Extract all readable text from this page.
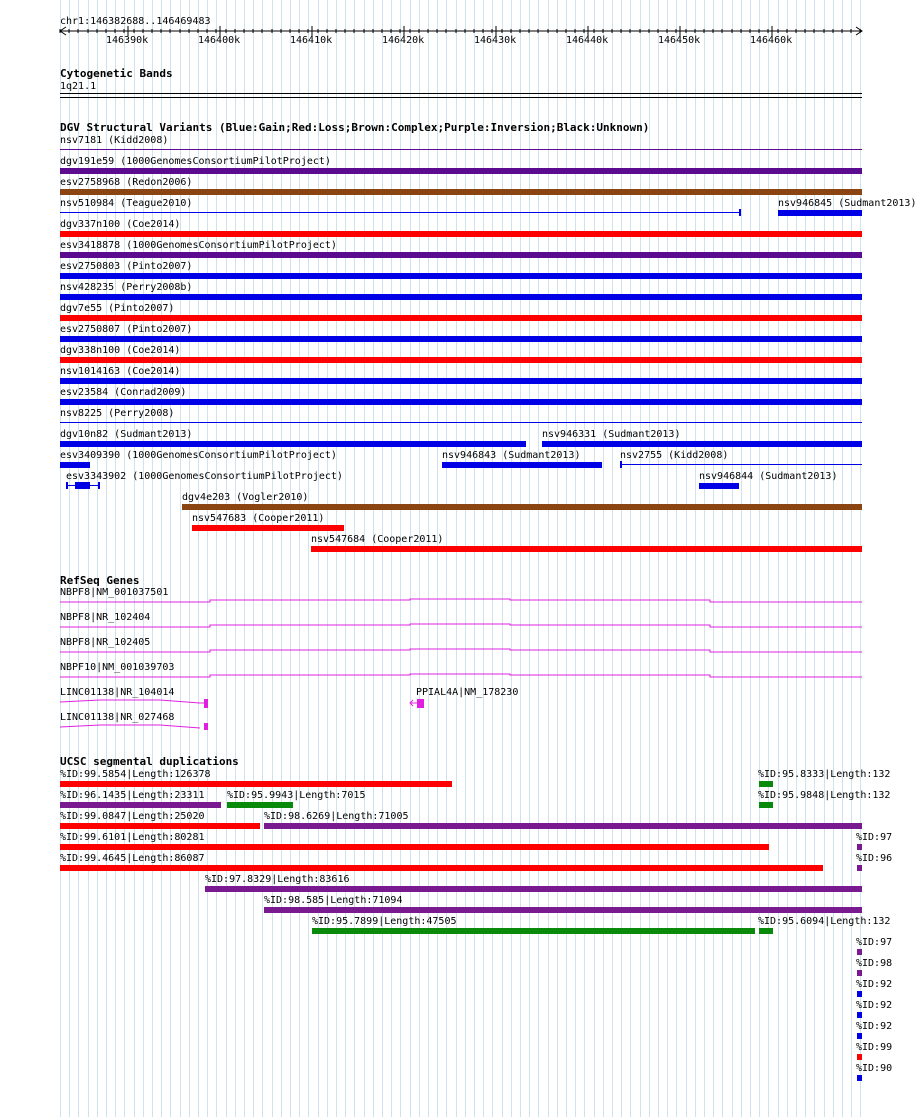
chr1:146382688..146469483
146390k	146400k	146410k	146420k	146430k	146440k	146450k	146460k
Cytogenetic Bands
1q21.1
DGV Structural Variants (Blue:Gain;Red:Loss;Brown:Complex;Purple:Inversion;Black:Unknown)
nsv7181 (Kidd2008)
dgv191e59 (1000GenomesConsortiumPilotProject)
esv2758968 (Redon2006)
nsv510984 (Teague2010)	nsv946845 (Sudmant2013)
dgv337n100 (Coe2014)
esv3418878 (1000GenomesConsortiumPilotProject)
esv2750803 (Pinto2007)
nsv428235 (Perry2008b)
dgv7e55 (Pinto2007)
esv2750807 (Pinto2007)
dgv338n100 (Coe2014)
nsv1014163 (Coe2014)
esv23584 (Conrad2009)
nsv8225 (Perry2008)
dgv10n82 (Sudmant2013)	nsv946331 (Sudmant2013)
esv3409390 (1000GenomesConsortiumPilotProject)	nsv946843 (Sudmant2013)	nsv2755 (Kidd2008)
esv3343902 (1000GenomesConsortiumPilotProject)	nsv946844 (Sudmant2013)
dgv4e203 (Vogler2010)
nsv547683 (Cooper2011)
nsv547684 (Cooper2011)
RefSeq Genes
NBPF8|NM_001037501
NBPF8|NR_102404
NBPF8|NR_102405
NBPF10|NM_001039703
LINC01138|NR_104014	PPIAL4A|NM_178230
LINC01138|NR_027468
UCSC segmental duplications
%ID:99.5854|Length:126378	%ID:95.8333|Length:132
%ID:96.1435|Length:23311 %ID:95.9943|Length:7015	%ID:95.9848|Length:132
%ID:99.0847|Length:25020	%ID:98.6269|Length:71005
%ID:99.6101|Length:80281	%ID:97
%ID:99.4645|Length:86087	%ID:96
%ID:97.8329|Length:83616
%ID:98.585|Length:71094
%ID:95.7899|Length:47505	%ID:95.6094|Length:132
%ID:97
%ID:98
%ID:92
%ID:92
%ID:92
%ID:99
%ID:90
